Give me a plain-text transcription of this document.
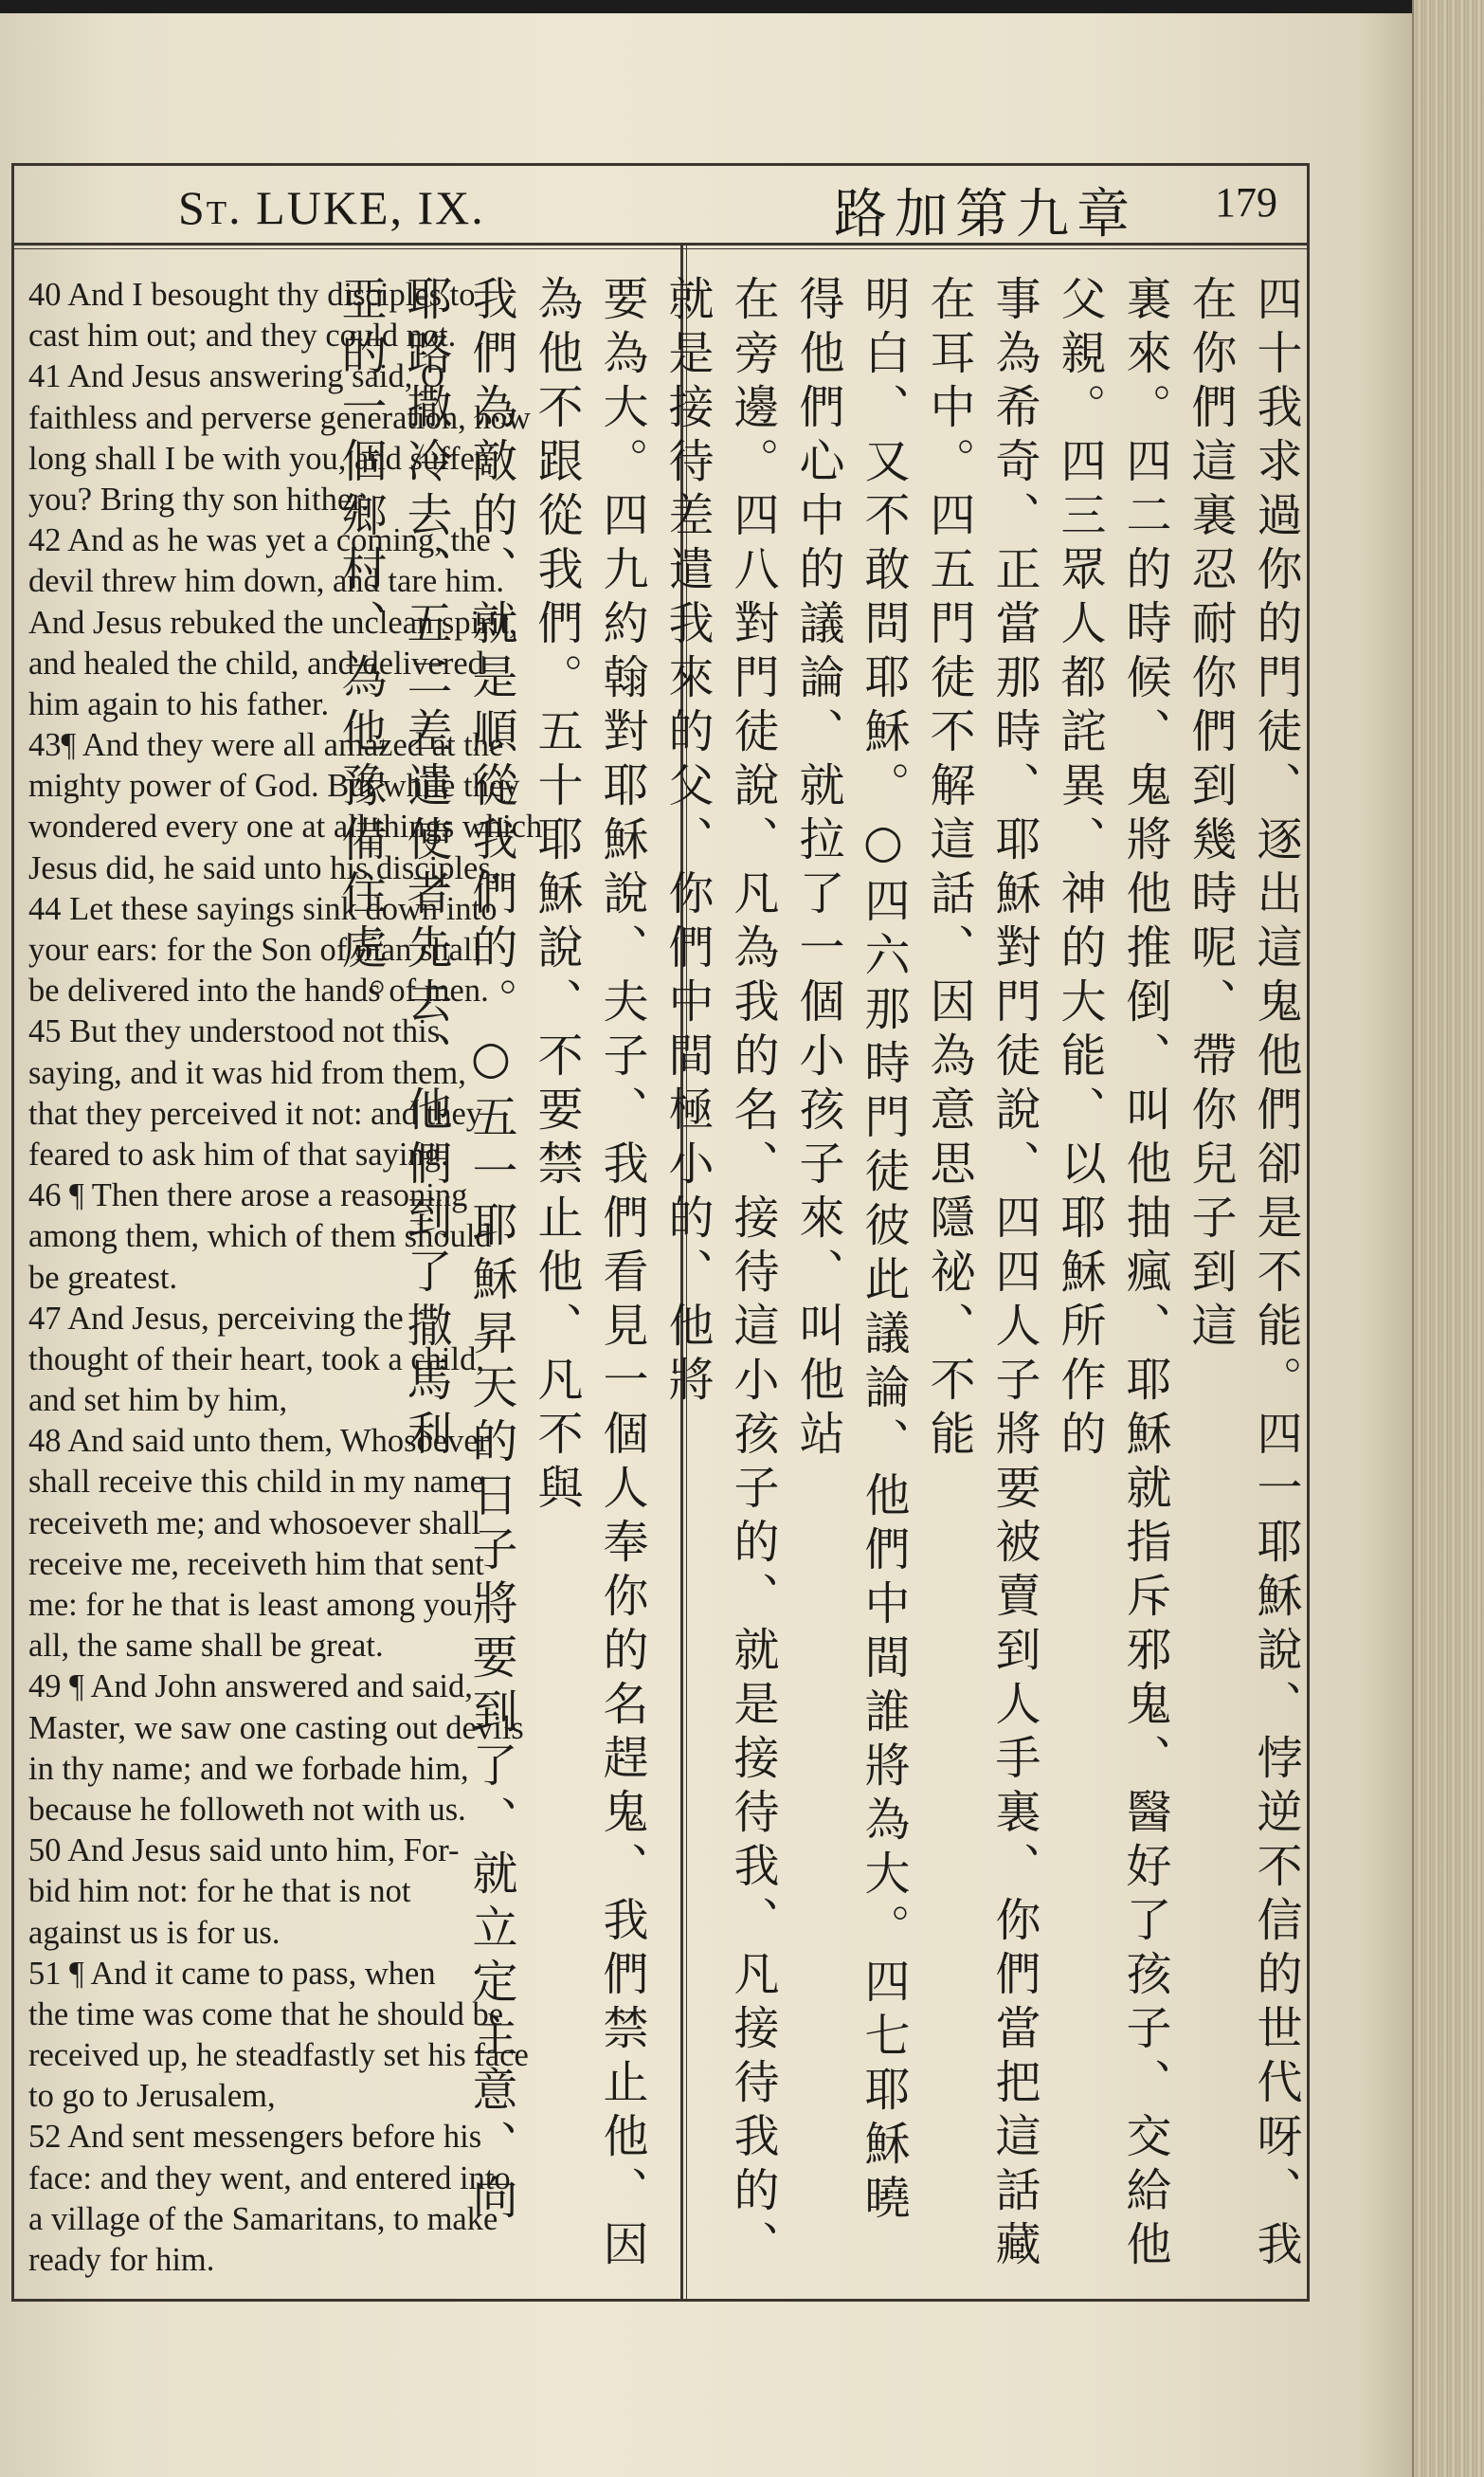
St. LUKE, IX.	路加第九章 179
40 And I besought thy disciples to
cast him out; and they could not.
41 And Jesus answering said, O
faithless and perverse generation, how
long shall I be with you, and suffer
you? Bring thy son hither.
42 And as he was yet a coming, the
devil threw him down, and tare him.
And Jesus rebuked the unclean spirit,
and healed the child, and delivered
him again to his father.
43¶ And they were all amazed at the
mighty power of God. But while they
wondered every one at all things which
Jesus did, he said unto his disciples,
44 Let these sayings sink down into
your ears: for the Son of man shall
be delivered into the hands of men.
45 But they understood not this
saying, and it was hid from them,
that they perceived it not: and they
feared to ask him of that saying.
46 ¶ Then there arose a reasoning
among them, which of them should
be greatest.
47 And Jesus, perceiving the
thought of their heart, took a child,
and set him by him,
48 And said unto them, Whosoever
shall receive this child in my name
receiveth me; and whosoever shall
receive me, receiveth him that sent
me: for he that is least among you
all, the same shall be great.
49 ¶ And John answered and said,
Master, we saw one casting out devils
in thy name; and we forbade him,
because he followeth not with us.
50 And Jesus said unto him, For-
bid him not: for he that is not
against us is for us.
51 ¶ And it came to pass, when
the time was come that he should be
received up, he steadfastly set his face
to go to Jerusalem,
52 And sent messengers before his
face: and they went, and entered into
a village of the Samaritans, to make
ready for him.	四十我求過你的門徒、逐出這鬼他們卻是不能。四一耶穌說、悖逆不信的世代呀、我在你們這裏忍耐你們到幾時呢、帶你兒子到這
裏來。四二的時候、鬼將他推倒、叫他抽瘋、耶穌就指斥邪鬼、醫好了孩子、交給他父親。四三眾人都詫異、神的大能、以耶穌所作的
事為希奇、正當那時、耶穌對門徒說、四四人子將要被賣到人手裏、你們當把這話藏在耳中。四五門徒不解這話、因為意思隱祕、不能
明白、又不敢問耶穌。○四六那時門徒彼此議論、他們中間誰將為大。四七耶穌曉得他們心中的議論、就拉了一個小孩子來、叫他站
在旁邊。四八對門徒說、凡為我的名、接待這小孩子的、就是接待我、凡接待我的、就是接待差遣我來的父、你們中間極小的、他將
要為大。四九約翰對耶穌說、夫子、我們看見一個人奉你的名趕鬼、我們禁止他、因為他不跟從我們。五十耶穌說、不要禁止他、凡不與
我們為敵的、就是順從我們的。○五一耶穌昇天的日子將要到了、就立定主意、向耶路撒冷去、五二差遣使者先去、他們到了撒馬利
亞的一個鄉村、為他豫備住處。
